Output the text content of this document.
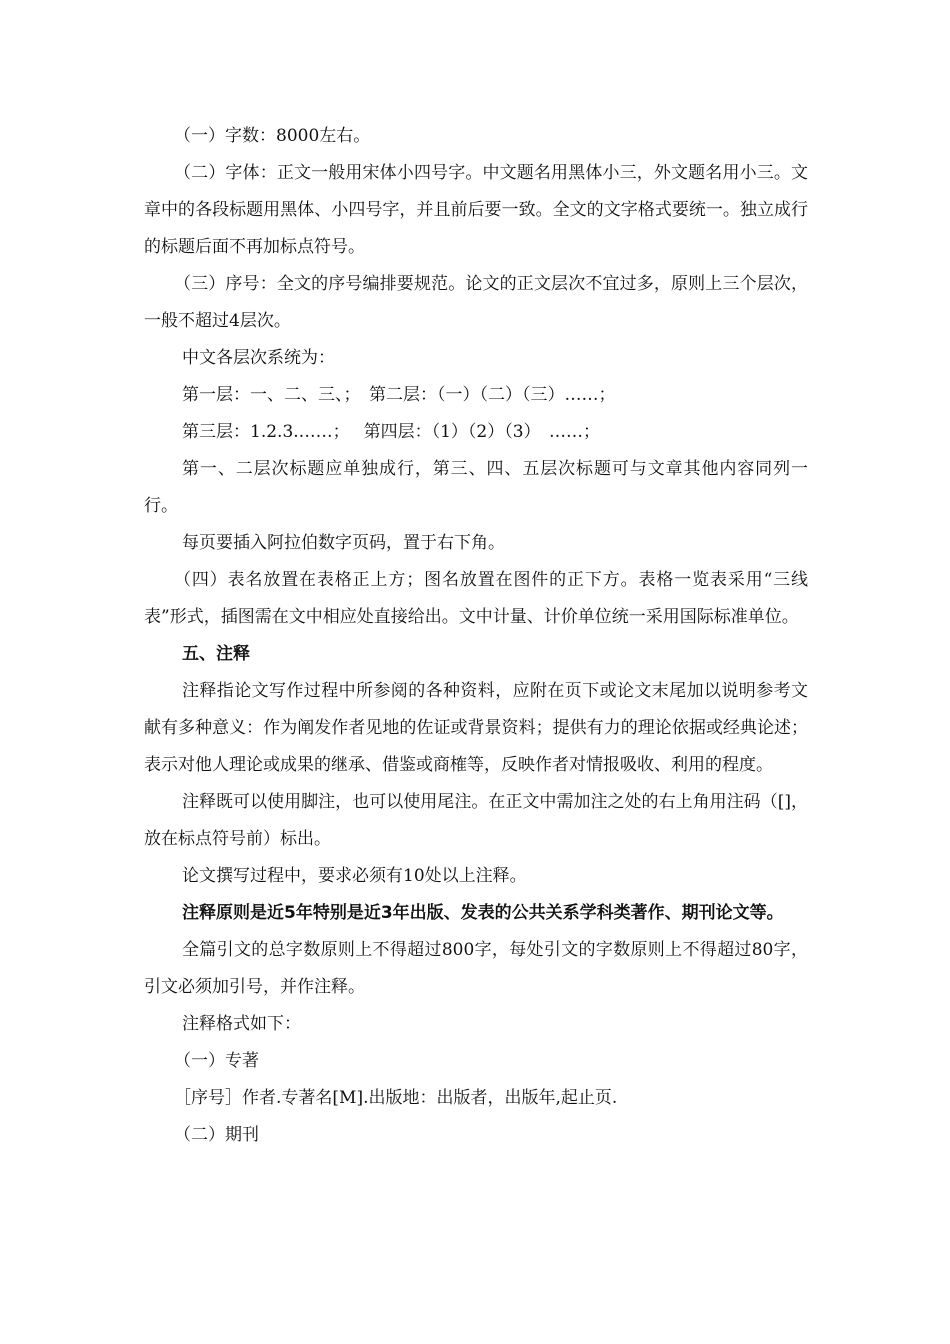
（一）字数：8000左右。

（二）字体：正文一般用宋体小四号字。中文题名用黑体小三，外文题名用小三。文章中的各段标题用黑体、小四号字，并且前后要一致。全文的文字格式要统一。独立成行的标题后面不再加标点符号。

（三）序号：全文的序号编排要规范。论文的正文层次不宜过多，原则上三个层次，一般不超过4层次。

中文各层次系统为：

第一层：一、二、三、；　第二层：（一）（二）（三）……；

第三层：1.2.3.……；　 第四层：（1）（2）（3）　……；

第一、二层次标题应单独成行，第三、四、五层次标题可与文章其他内容同列一行。

每页要插入阿拉伯数字页码，置于右下角。

（四）表名放置在表格正上方；图名放置在图件的正下方。表格一览表采用“三线表”形式，插图需在文中相应处直接给出。文中计量、计价单位统一采用国际标准单位。

五、注释

注释指论文写作过程中所参阅的各种资料，应附在页下或论文末尾加以说明参考文献有多种意义：作为阐发作者见地的佐证或背景资料；提供有力的理论依据或经典论述；表示对他人理论或成果的继承、借鉴或商榷等，反映作者对情报吸收、利用的程度。

注释既可以使用脚注，也可以使用尾注。在正文中需加注之处的右上角用注码（[]，放在标点符号前）标出。

论文撰写过程中，要求必须有10处以上注释。

注释原则是近5年特别是近3年出版、发表的公共关系学科类著作、期刊论文等。

全篇引文的总字数原则上不得超过800字，每处引文的字数原则上不得超过80字，引文必须加引号，并作注释。

注释格式如下：

（一）专著

［序号］作者.专著名[M].出版地：出版者，出版年,起止页.

（二）期刊
